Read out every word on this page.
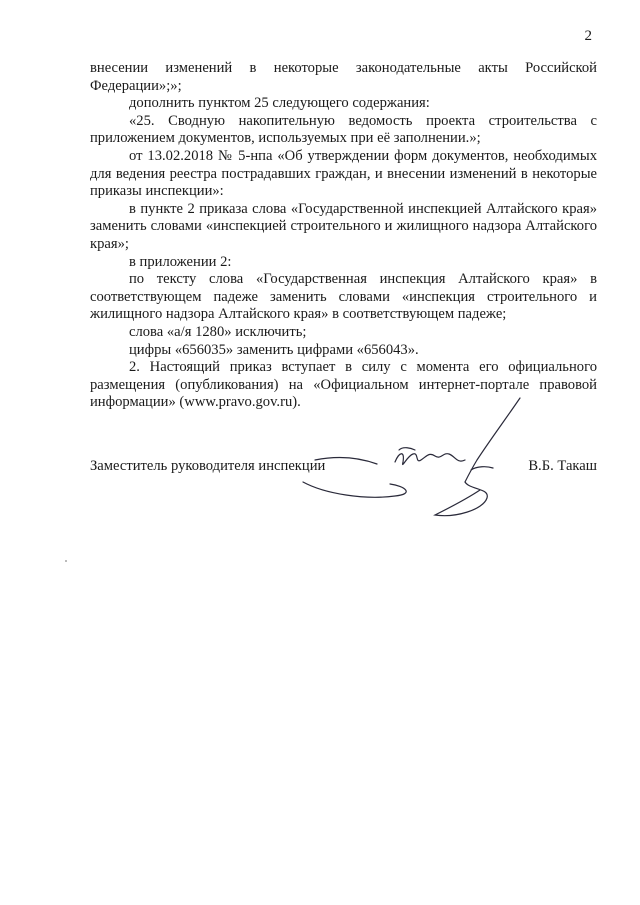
2

внесении изменений в некоторые законодательные акты Российской Федерации»;»;

дополнить пунктом 25 следующего содержания:

«25. Сводную накопительную ведомость проекта строительства с приложением документов, используемых при её заполнении.»;

от 13.02.2018 № 5-нпа «Об утверждении форм документов, необходимых для ведения реестра пострадавших граждан, и внесении изменений в некоторые приказы инспекции»:

в пункте 2 приказа слова «Государственной инспекцией Алтайского края» заменить словами «инспекцией строительного и жилищного надзора Алтайского края»;

в приложении 2:

по тексту слова «Государственная инспекция Алтайского края» в соответствующем падеже заменить словами «инспекция строительного и жилищного надзора Алтайского края» в соответствующем падеже;

слова «а/я 1280» исключить;

цифры «656035» заменить цифрами «656043».

2. Настоящий приказ вступает в силу с момента его официального размещения (опубликования) на «Официальном интернет-портале правовой информации» (www.pravo.gov.ru).

Заместитель руководителя инспекции	В.Б. Такаш
